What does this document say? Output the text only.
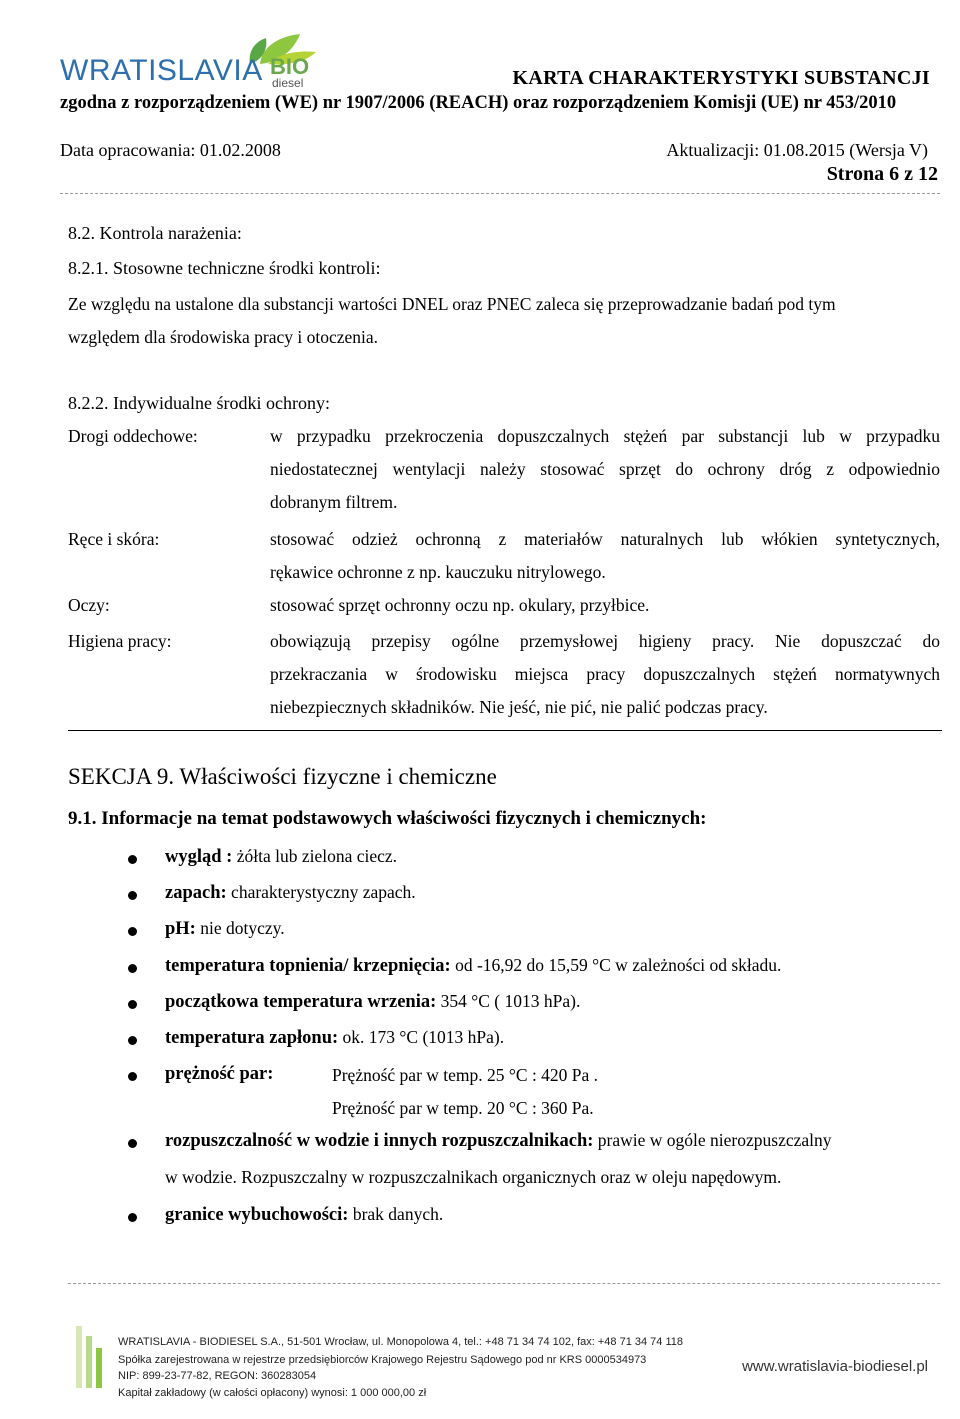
WRATISLAVIA BIO
diesel	KARTA CHARAKTERYSTYKI SUBSTANCJI
zgodna z rozporządzeniem (WE) nr 1907/2006 (REACH) oraz rozporządzeniem Komisji (UE) nr 453/2010
Data opracowania: 01.02.2008	Aktualizacji: 01.08.2015 (Wersja V)
Strona 6 z 12
8.2. Kontrola narażenia:
8.2.1. Stosowne techniczne środki kontroli:
Ze względu na ustalone dla substancji wartości DNEL oraz PNEC zaleca się przeprowadzanie badań pod tym
względem dla środowiska pracy i otoczenia.
8.2.2. Indywidualne środki ochrony:
Drogi oddechowe:	w przypadku przekroczenia dopuszczalnych stężeń par substancji lub w przypadku
niedostatecznej wentylacji należy stosować sprzęt do ochrony dróg z odpowiednio
dobranym filtrem.
Ręce i skóra:	stosować odzież ochronną z materiałów naturalnych lub włókien syntetycznych,
rękawice ochronne z np. kauczuku nitrylowego.
Oczy:	stosować sprzęt ochronny oczu np. okulary, przyłbice.
Higiena pracy:	obowiązują przepisy ogólne przemysłowej higieny pracy. Nie dopuszczać do
przekraczania w środowisku miejsca pracy dopuszczalnych stężeń normatywnych
niebezpiecznych składników. Nie jeść, nie pić, nie palić podczas pracy.
SEKCJA 9. Właściwości fizyczne i chemiczne
9.1. Informacje na temat podstawowych właściwości fizycznych i chemicznych:
wygląd : żółta lub zielona ciecz.
zapach: charakterystyczny zapach.
pH: nie dotyczy.
temperatura topnienia/ krzepnięcia: od -16,92 do 15,59 °C w zależności od składu.
początkowa temperatura wrzenia: 354 °C ( 1013 hPa).
temperatura zapłonu: ok. 173 °C (1013 hPa).
prężność par:	Prężność par w temp. 25 °C : 420 Pa .
Prężność par w temp. 20 °C : 360 Pa.
rozpuszczalność w wodzie i innych rozpuszczalnikach: prawie w ogóle nierozpuszczalny
w wodzie. Rozpuszczalny w rozpuszczalnikach organicznych oraz w oleju napędowym.
granice wybuchowości: brak danych.
WRATISLAVIA - BIODIESEL S.A., 51-501 Wrocław, ul. Monopolowa 4, tel.: +48 71 34 74 102, fax: +48 71 34 74 118
Spółka zarejestrowana w rejestrze przedsiębiorców Krajowego Rejestru Sądowego pod nr KRS 0000534973
NIP: 899-23-77-82, REGON: 360283054
Kapitał zakładowy (w całości opłacony) wynosi: 1 000 000,00 zł
www.wratislavia-biodiesel.pl
